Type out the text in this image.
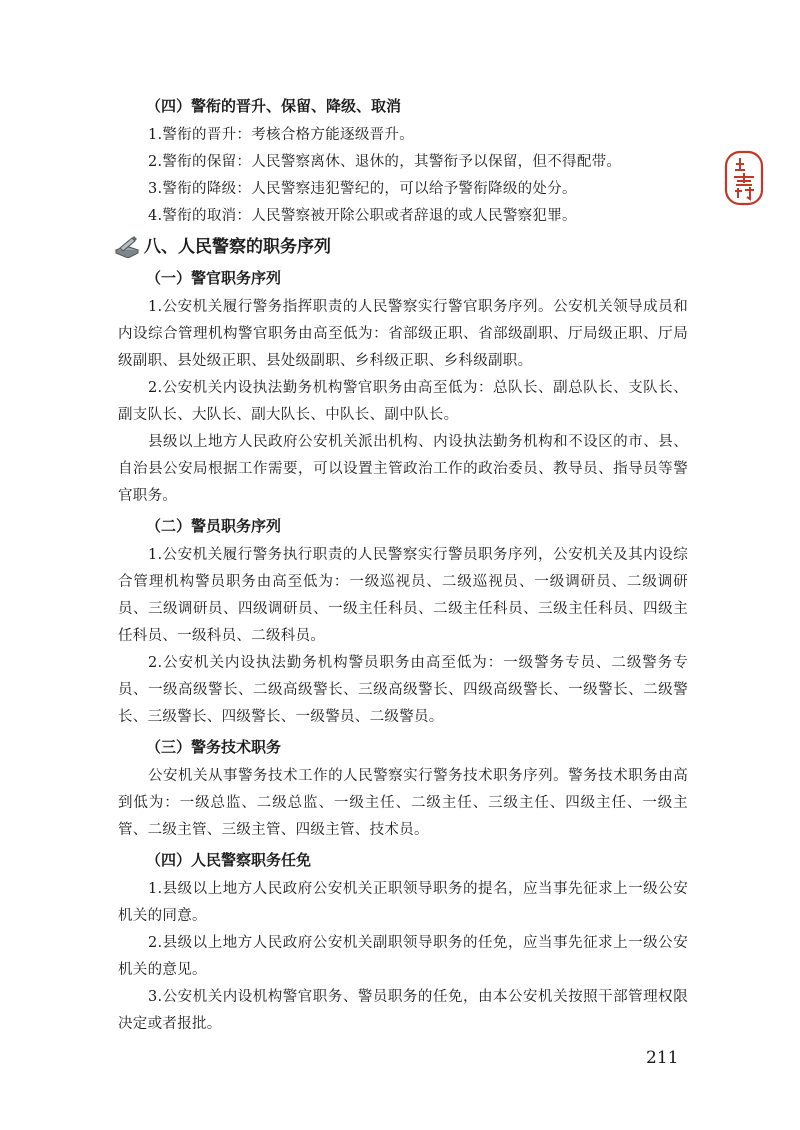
（四）警衔的晋升、保留、降级、取消

1.警衔的晋升：考核合格方能逐级晋升。

2.警衔的保留：人民警察离休、退休的，其警衔予以保留，但不得配带。

3.警衔的降级：人民警察违犯警纪的，可以给予警衔降级的处分。

4.警衔的取消：人民警察被开除公职或者辞退的或人民警察犯罪。

八、人民警察的职务序列
（一）警官职务序列

1.公安机关履行警务指挥职责的人民警察实行警官职务序列。公安机关领导成员和内设综合管理机构警官职务由高至低为：省部级正职、省部级副职、厅局级正职、厅局级副职、县处级正职、县处级副职、乡科级正职、乡科级副职。

2.公安机关内设执法勤务机构警官职务由高至低为：总队长、副总队长、支队长、副支队长、大队长、副大队长、中队长、副中队长。

县级以上地方人民政府公安机关派出机构、内设执法勤务机构和不设区的市、县、自治县公安局根据工作需要，可以设置主管政治工作的政治委员、教导员、指导员等警官职务。

（二）警员职务序列

1.公安机关履行警务执行职责的人民警察实行警员职务序列，公安机关及其内设综合管理机构警员职务由高至低为：一级巡视员、二级巡视员、一级调研员、二级调研员、三级调研员、四级调研员、一级主任科员、二级主任科员、三级主任科员、四级主任科员、一级科员、二级科员。

2.公安机关内设执法勤务机构警员职务由高至低为：一级警务专员、二级警务专员、一级高级警长、二级高级警长、三级高级警长、四级高级警长、一级警长、二级警长、三级警长、四级警长、一级警员、二级警员。

（三）警务技术职务

公安机关从事警务技术工作的人民警察实行警务技术职务序列。警务技术职务由高到低为：一级总监、二级总监、一级主任、二级主任、三级主任、四级主任、一级主管、二级主管、三级主管、四级主管、技术员。

（四）人民警察职务任免

1.县级以上地方人民政府公安机关正职领导职务的提名，应当事先征求上一级公安机关的同意。

2.县级以上地方人民政府公安机关副职领导职务的任免，应当事先征求上一级公安机关的意见。

3.公安机关内设机构警官职务、警员职务的任免，由本公安机关按照干部管理权限决定或者报批。

211
